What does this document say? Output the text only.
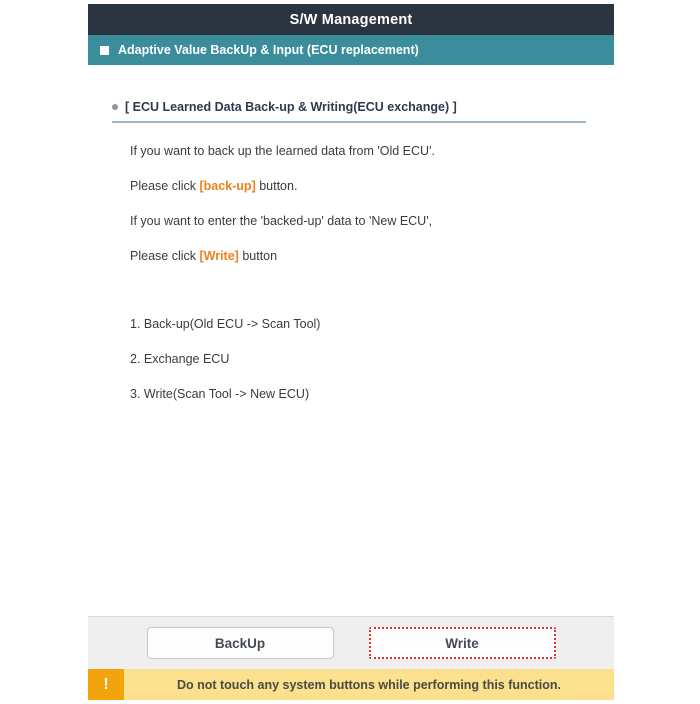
S/W Management
Adaptive Value BackUp & Input (ECU replacement)
[ ECU Learned Data Back-up & Writing(ECU exchange) ]
If you want to back up the learned data from 'Old ECU'.
Please click [back-up] button.
If you want to enter the 'backed-up' data to 'New ECU',
Please click [Write] button
1. Back-up(Old ECU -> Scan Tool)
2. Exchange ECU
3. Write(Scan Tool -> New ECU)
BackUp	Write
!	Do not touch any system buttons while performing this function.
